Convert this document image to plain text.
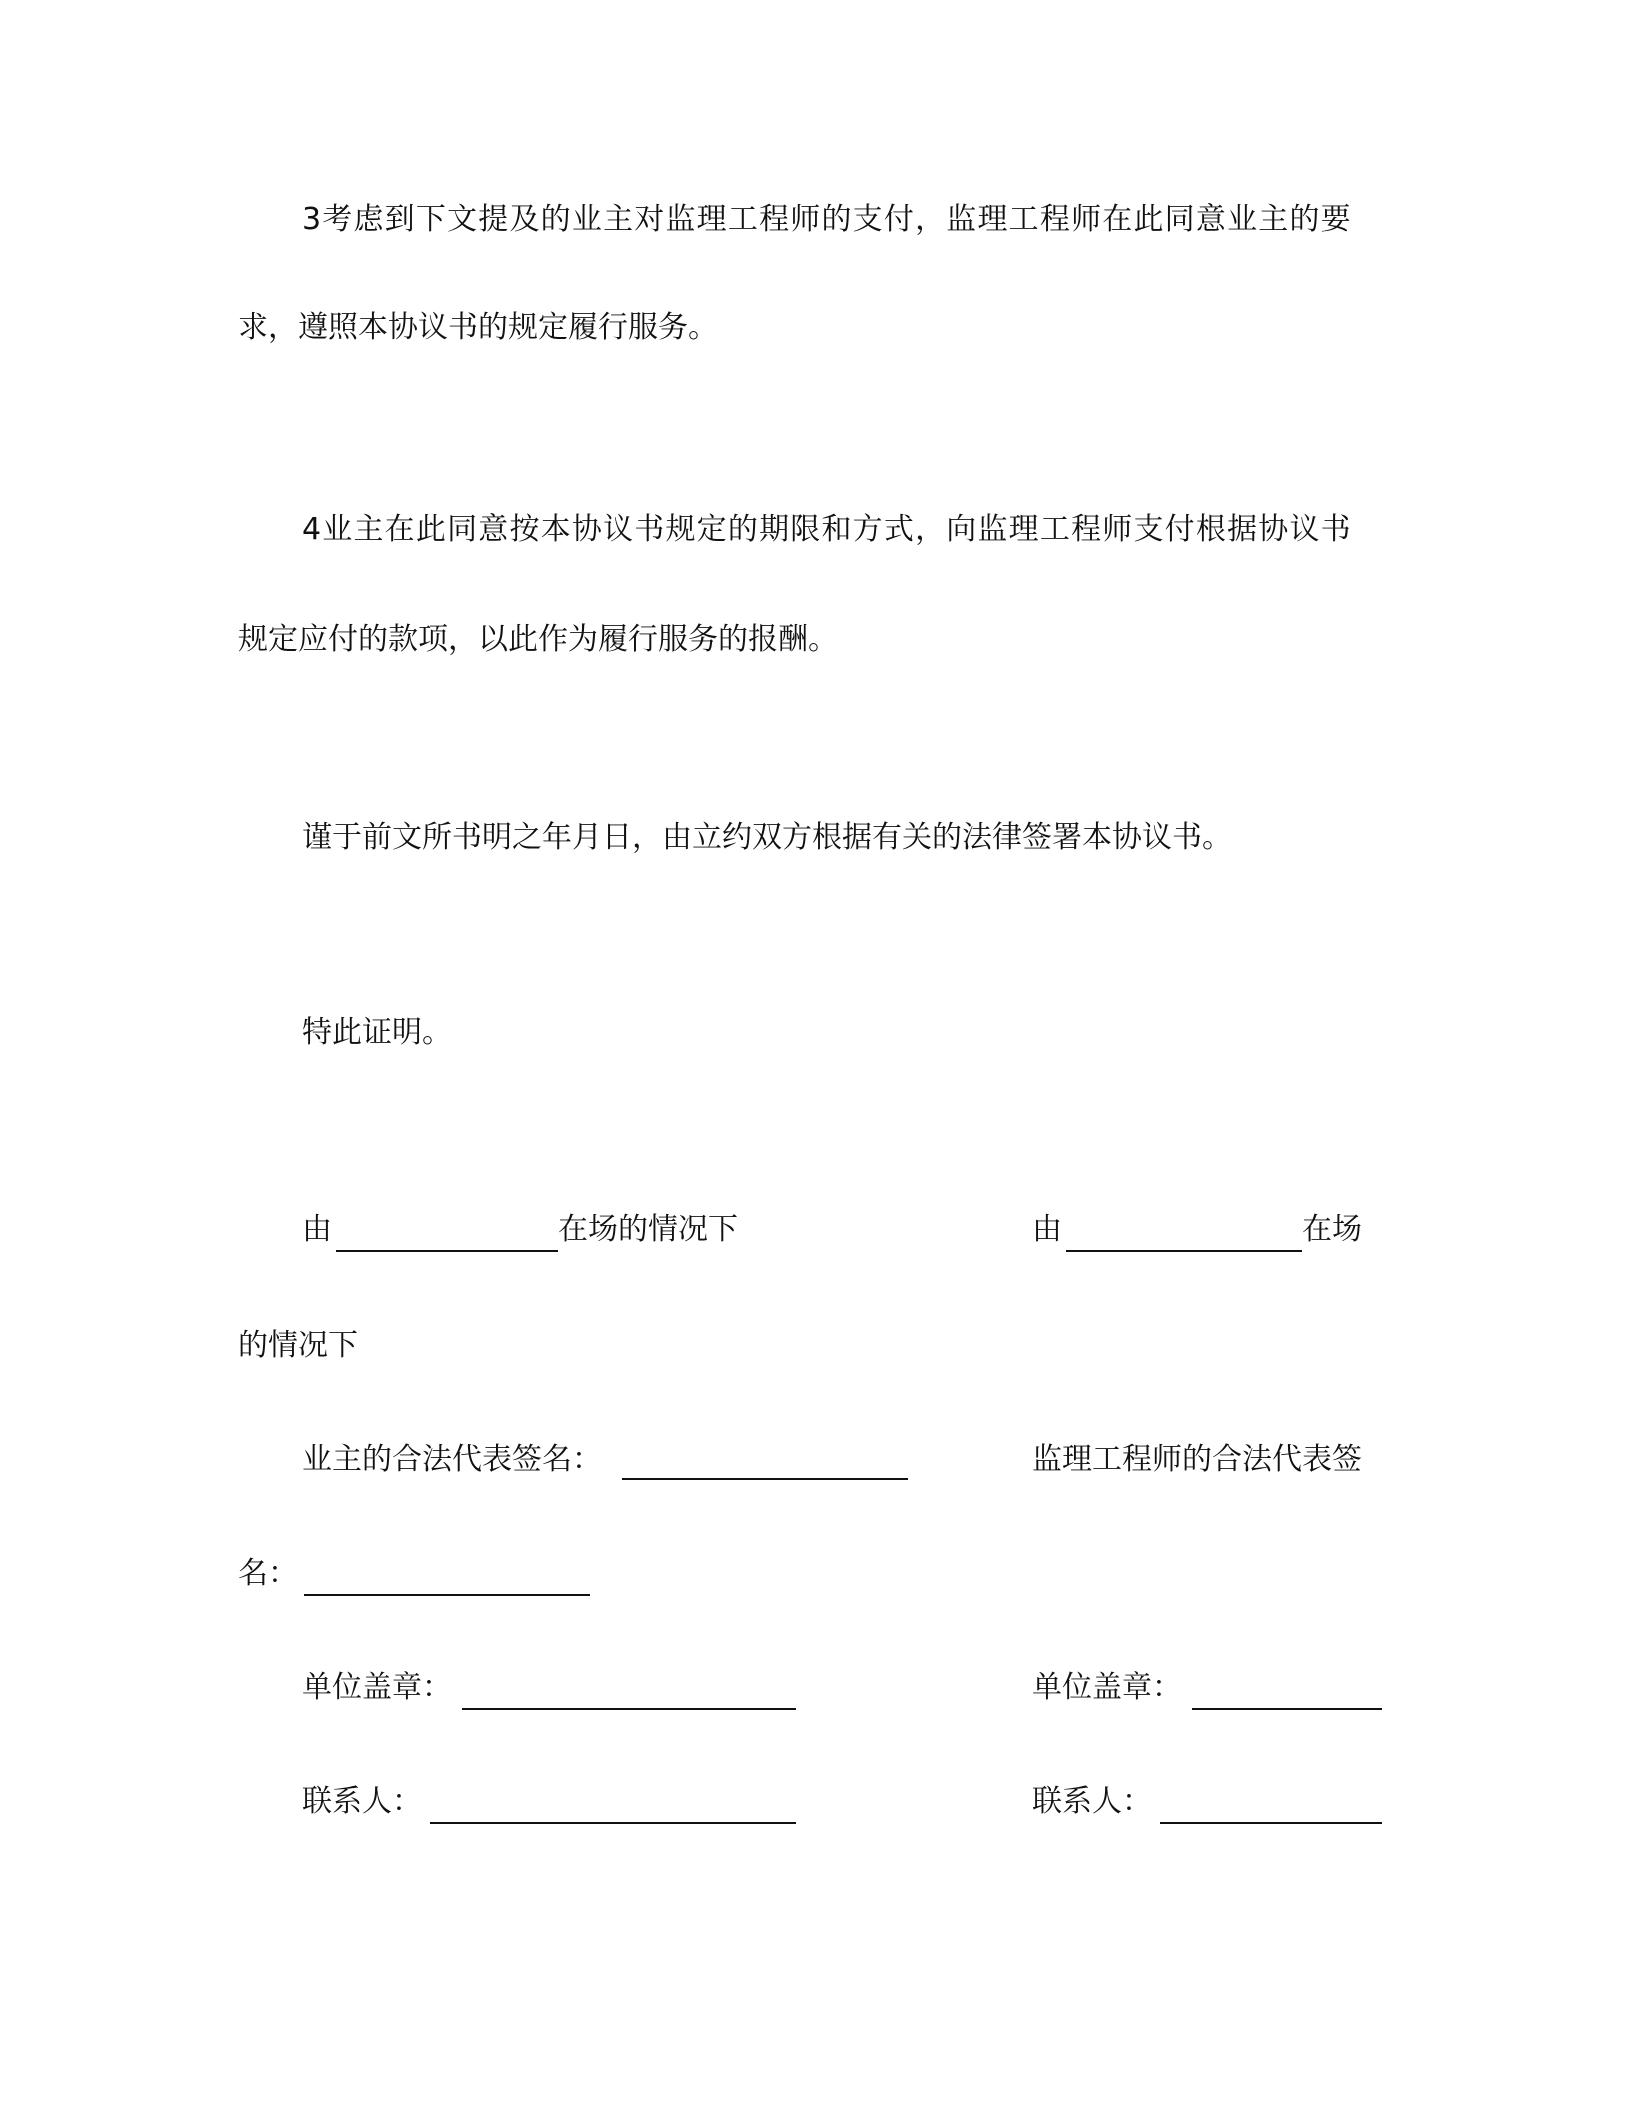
3考虑到下文提及的业主对监理工程师的支付，监理工程师在此同意业主的要
求，遵照本协议书的规定履行服务。
4业主在此同意按本协议书规定的期限和方式，向监理工程师支付根据协议书
规定应付的款项，以此作为履行服务的报酬。
谨于前文所书明之年月日，由立约双方根据有关的法律签署本协议书。
特此证明。
由	在场的情况下	由	在场
的情况下
业主的合法代表签名：	监理工程师的合法代表签
名：
单位盖章：	单位盖章：
联系人：	联系人：
